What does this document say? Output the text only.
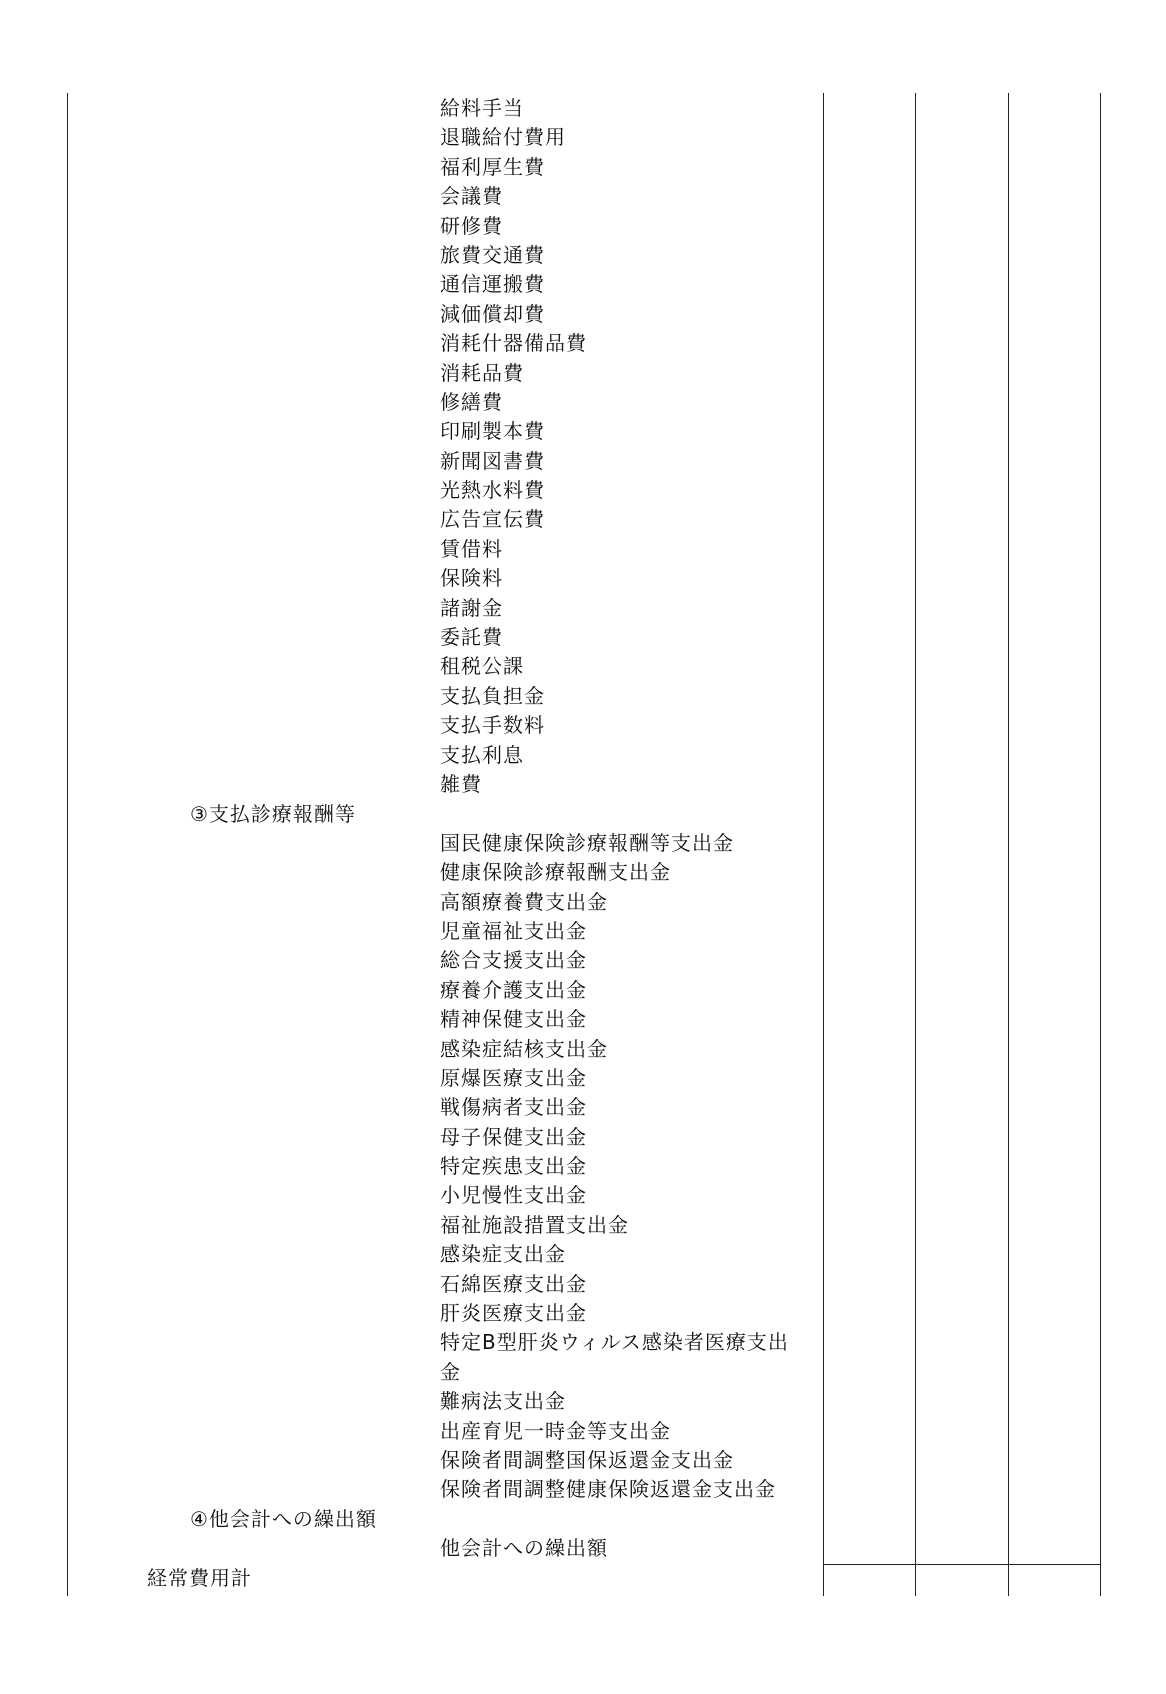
給料手当
退職給付費用
福利厚生費
会議費
研修費
旅費交通費
通信運搬費
減価償却費
消耗什器備品費
消耗品費
修繕費
印刷製本費
新聞図書費
光熱水料費
広告宣伝費
賃借料
保険料
諸謝金
委託費
租税公課
支払負担金
支払手数料
支払利息
雑費
国民健康保険診療報酬等支出金
健康保険診療報酬支出金
高額療養費支出金
児童福祉支出金
総合支援支出金
療養介護支出金
精神保健支出金
感染症結核支出金
原爆医療支出金
戦傷病者支出金
母子保健支出金
特定疾患支出金
小児慢性支出金
福祉施設措置支出金
感染症支出金
石綿医療支出金
肝炎医療支出金
特定B型肝炎ウィルス感染者医療支出
金
難病法支出金
出産育児一時金等支出金
保険者間調整国保返還金支出金
保険者間調整健康保険返還金支出金
他会計への繰出額
③支払診療報酬等
④他会計への繰出額
経常費用計
